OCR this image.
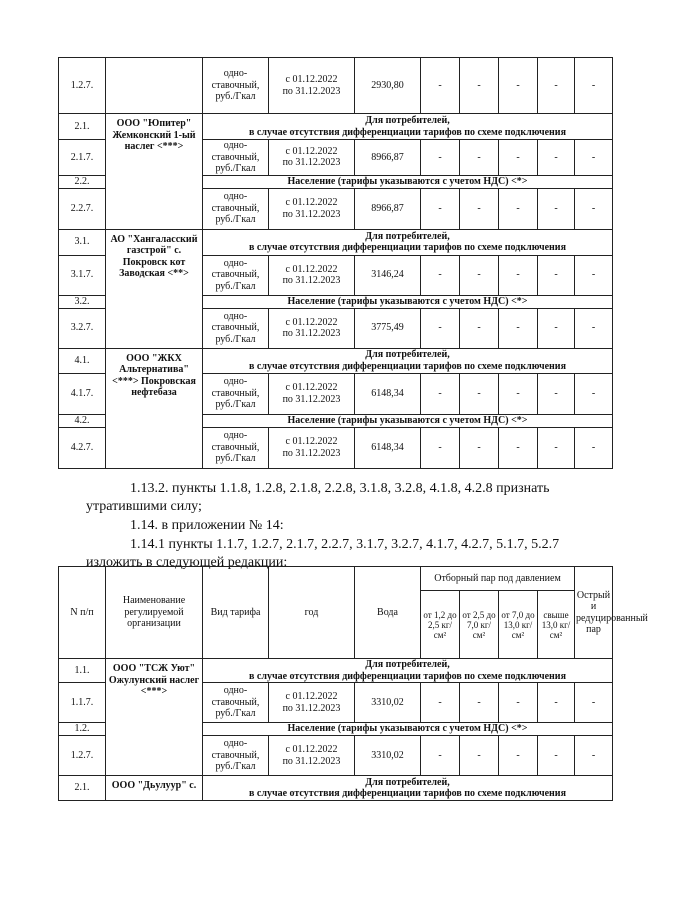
1.2.7.		одно-ставочный, руб./Гкал	с 01.12.2022
по 31.12.2023	2930,80	-	-	-	-	-
2.1.	ООО "Юпитер" Жемконский 1-ый наслег <***>	Для потребителей,
в случае отсутствия дифференциации тарифов по схеме подключения							
2.1.7.		одно-ставочный, руб./Гкал	с 01.12.2022
по 31.12.2023	8966,87	-	-	-	-	-
2.2.		Население (тарифы указываются с учетом НДС) <*>							
2.2.7.		одно-ставочный, руб./Гкал	с 01.12.2022
по 31.12.2023	8966,87	-	-	-	-	-
3.1.	АО "Хангаласский газстрой" с. Покровск кот Заводская <**>	Для потребителей,
в случае отсутствия дифференциации тарифов по схеме подключения							
3.1.7.		одно-ставочный, руб./Гкал	с 01.12.2022
по 31.12.2023	3146,24	-	-	-	-	-
3.2.		Население (тарифы указываются с учетом НДС) <*>							
3.2.7.		одно-ставочный, руб./Гкал	с 01.12.2022
по 31.12.2023	3775,49	-	-	-	-	-
4.1.	ООО "ЖКХ Альтернатива" <***> Покровская нефтебаза	Для потребителей,
в случае отсутствия дифференциации тарифов по схеме подключения							
4.1.7.		одно-ставочный, руб./Гкал	с 01.12.2022
по 31.12.2023	6148,34	-	-	-	-	-
4.2.		Население (тарифы указываются с учетом НДС) <*>							
4.2.7.		одно-ставочный, руб./Гкал	с 01.12.2022
по 31.12.2023	6148,34	-	-	-	-	-

1.13.2. пункты 1.1.8, 1.2.8, 2.1.8, 2.2.8, 3.1.8, 3.2.8, 4.1.8, 4.2.8 признать

утратившими силу;

1.14. в приложении № 14:

1.14.1 пункты 1.1.7, 1.2.7, 2.1.7, 2.2.7, 3.1.7, 3.2.7, 4.1.7, 4.2.7, 5.1.7, 5.2.7

изложить в следующей редакции:

N п/п	Наименование регулируемой организации	Вид тарифа	год	Вода	Отборный пар под давлением				Острый и редуцированный пар
					от 1,2 до 2,5 кг/см²	от 2,5 до 7,0 кг/см²	от 7,0 до 13,0 кг/см²	свыше 13,0 кг/см²	
1.1.	ООО "ТСЖ Уют" Ожулунский наслег <***>	Для потребителей,
в случае отсутствия дифференциации тарифов по схеме подключения							
1.1.7.		одно-ставочный, руб./Гкал	с 01.12.2022
по 31.12.2023	3310,02	-	-	-	-	-
1.2.		Население (тарифы указываются с учетом НДС) <*>							
1.2.7.		одно-ставочный, руб./Гкал	с 01.12.2022
по 31.12.2023	3310,02	-	-	-	-	-
2.1.	ООО "Дьулуур" с.	Для потребителей,
в случае отсутствия дифференциации тарифов по схеме подключения							
